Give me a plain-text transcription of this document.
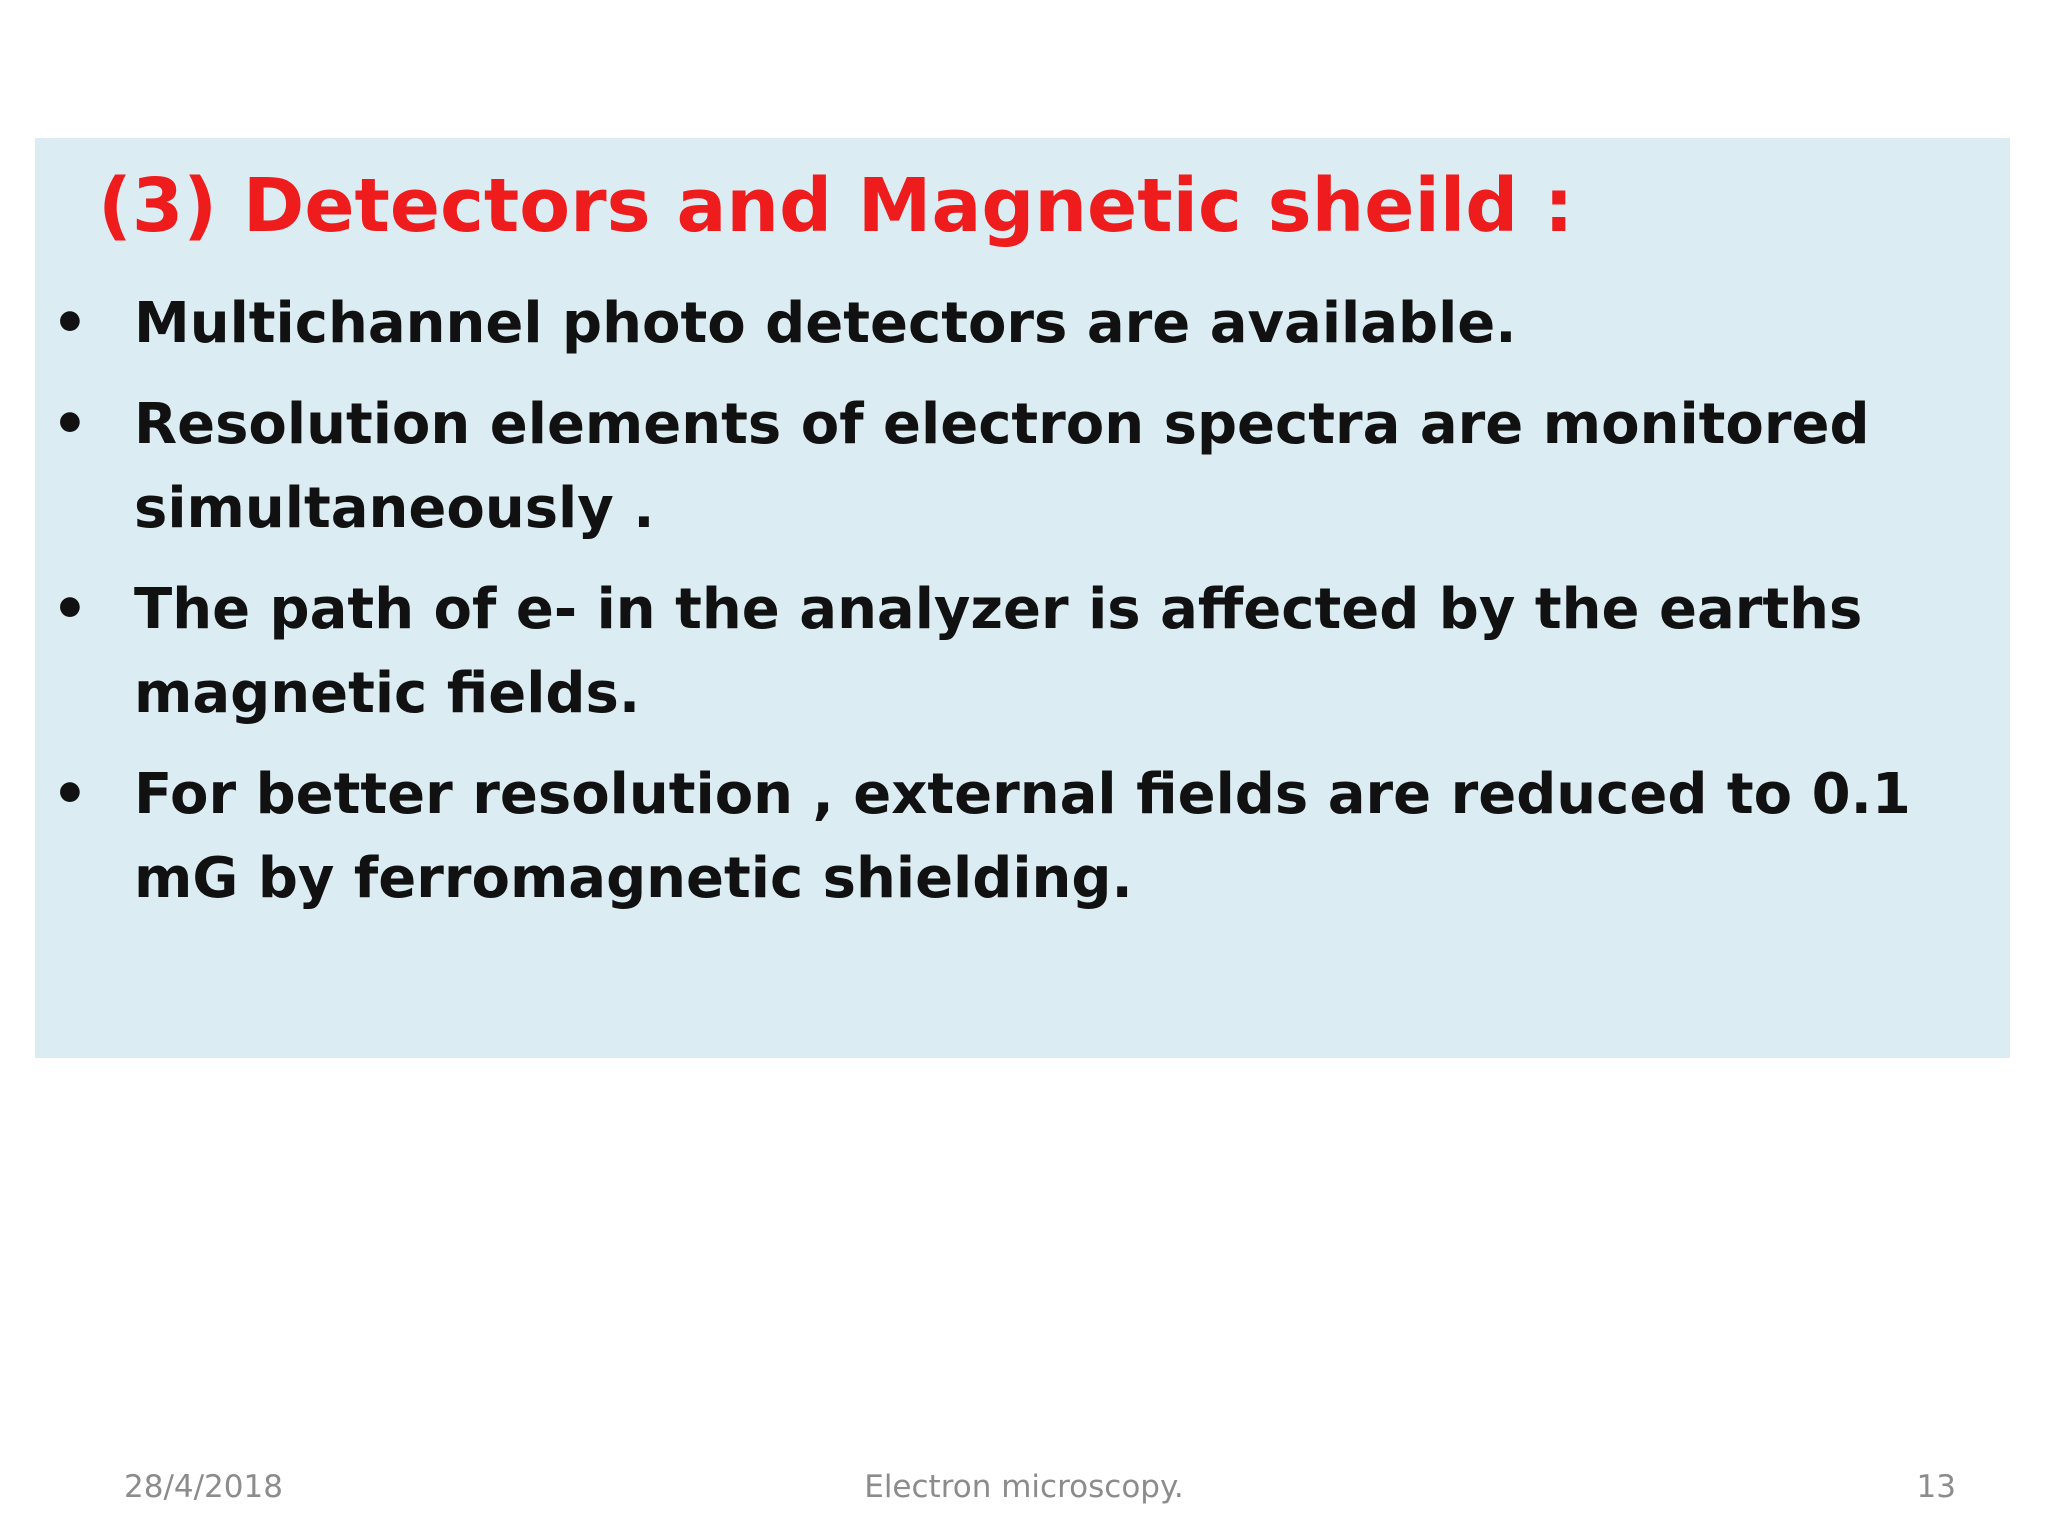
(3) Detectors and Magnetic sheild :
• Multichannel photo detectors are available.
• Resolution elements of electron spectra are monitored simultaneously .
• The path of e- in the analyzer is affected by the earths magnetic fields.
• For better resolution , external fields are reduced to 0.1 mG by ferromagnetic shielding.
28/4/2018	Electron microscopy.	13
